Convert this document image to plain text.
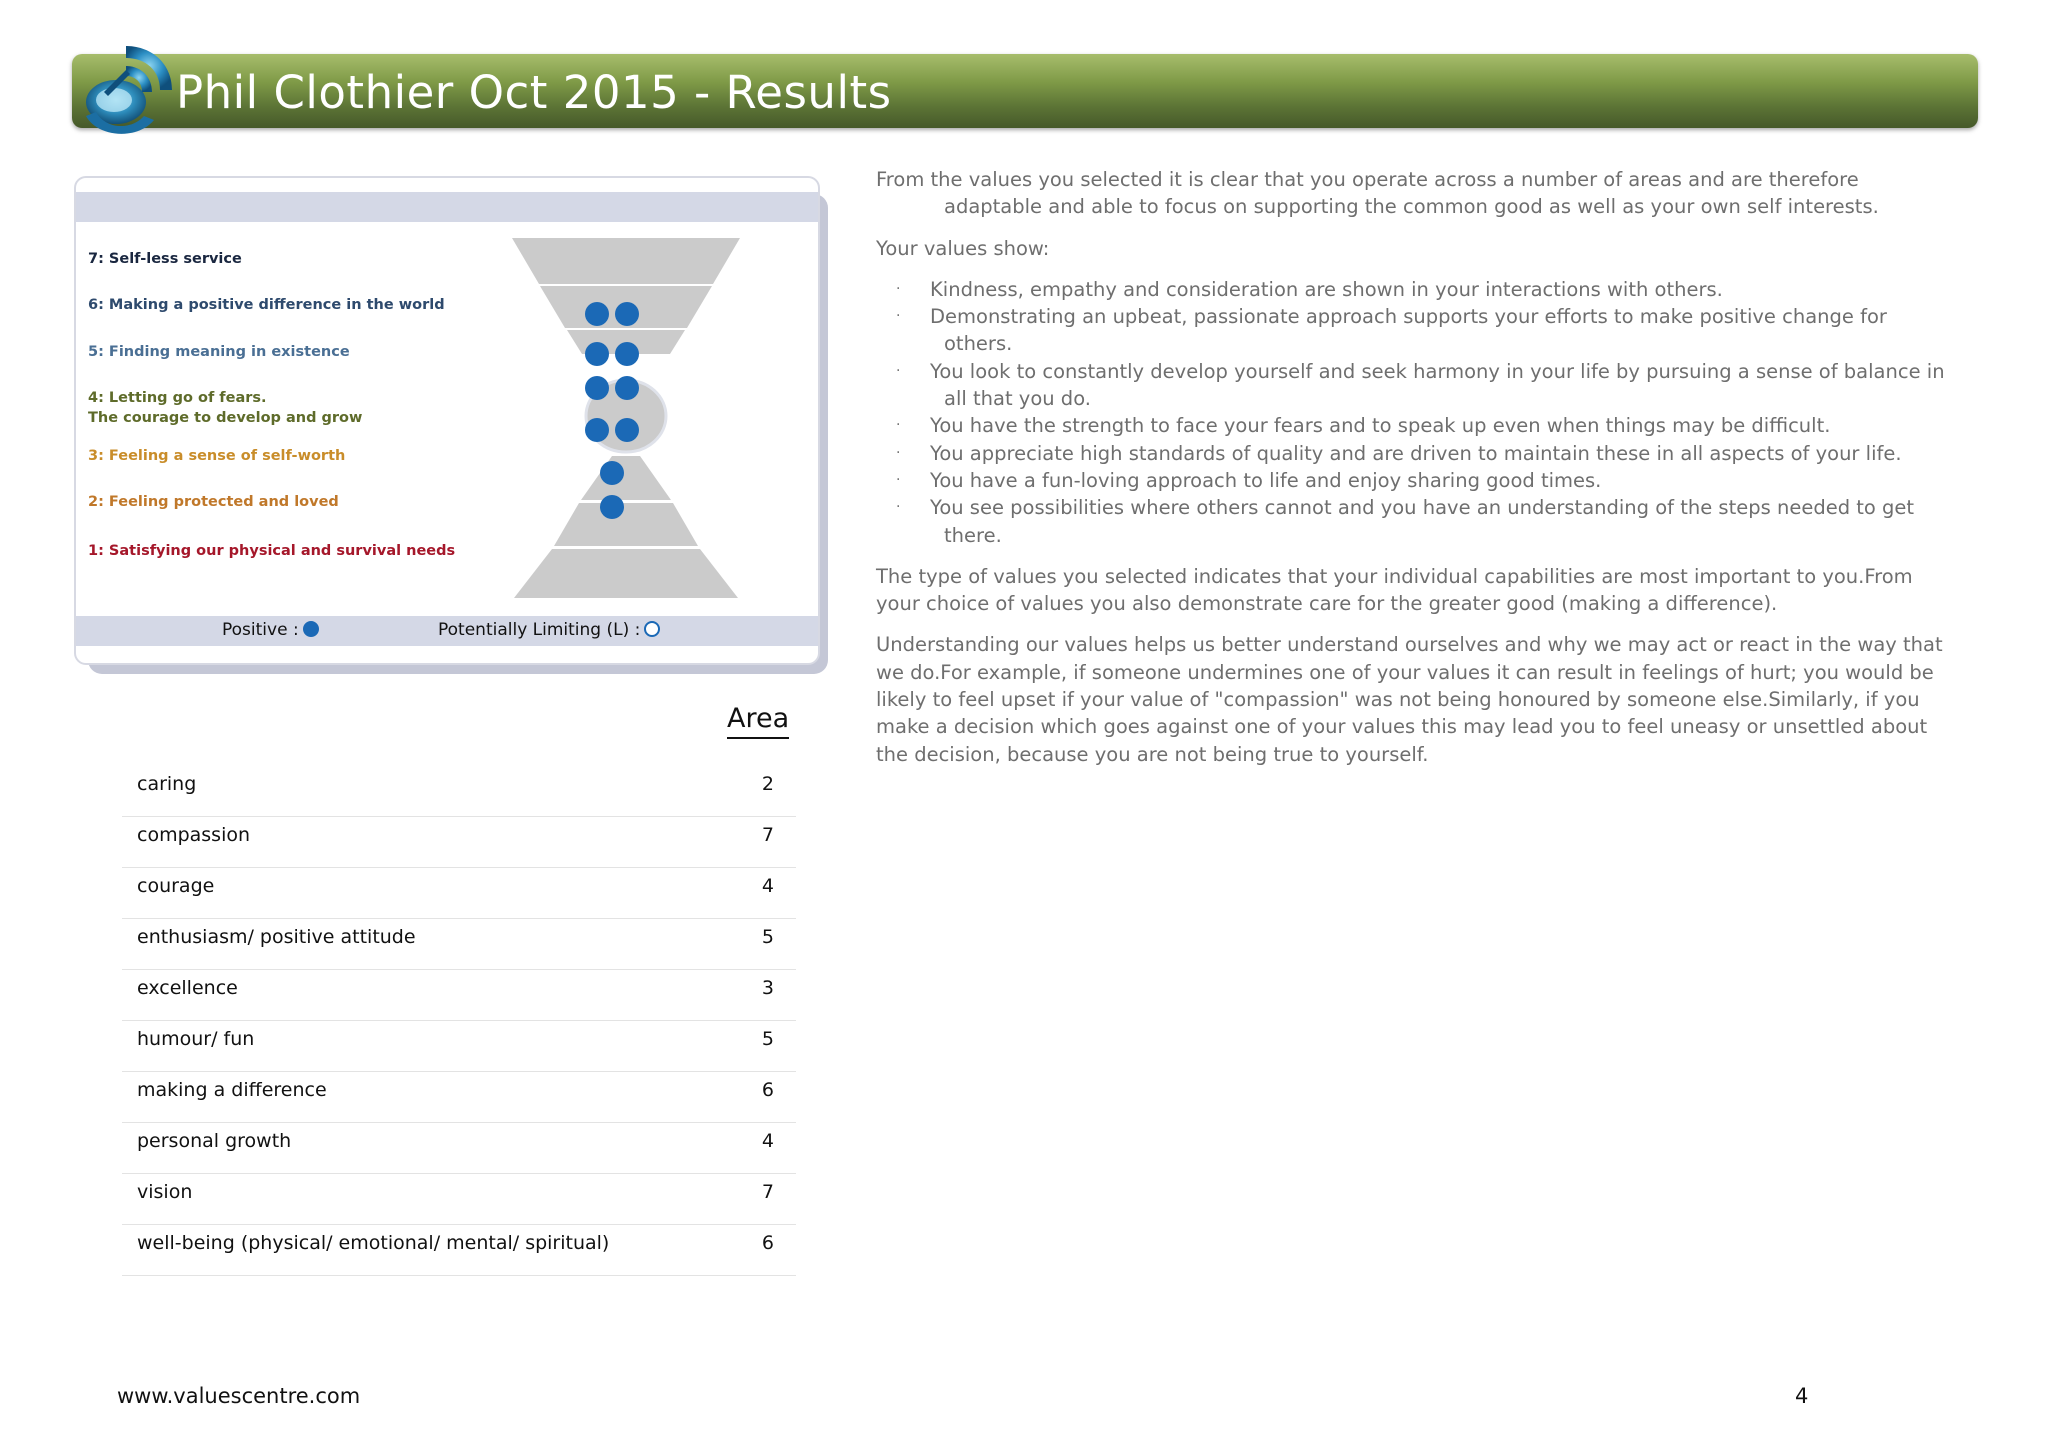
Phil Clothier Oct 2015 - Results
7: Self-less service
6: Making a positive difference in the world
5: Finding meaning in existence
4: Letting go of fears.
The courage to develop and grow
3: Feeling a sense of self-worth
2: Feeling protected and loved
1: Satisfying our physical and survival needs
Positive :	Potentially Limiting (L) :
Area
caring	2
compassion	7
courage	4
enthusiasm/ positive attitude	5
excellence	3
humour/ fun	5
making a difference	6
personal growth	4
vision	7
well-being (physical/ emotional/ mental/ spiritual)	6

From the values you selected it is clear that you operate across a number of areas and are therefore adaptable and able to focus on supporting the common good as well as your own self interests.

Your values show:

· Kindness, empathy and consideration are shown in your interactions with others.
· Demonstrating an upbeat, passionate approach supports your efforts to make positive change for others.
· You look to constantly develop yourself and seek harmony in your life by pursuing a sense of balance in all that you do.
· You have the strength to face your fears and to speak up even when things may be difficult.
· You appreciate high standards of quality and are driven to maintain these in all aspects of your life.
· You have a fun-loving approach to life and enjoy sharing good times.
· You see possibilities where others cannot and you have an understanding of the steps needed to get there.

The type of values you selected indicates that your individual capabilities are most important to you.From your choice of values you also demonstrate care for the greater good (making a difference).

Understanding our values helps us better understand ourselves and why we may act or react in the way that we do.For example, if someone undermines one of your values it can result in feelings of hurt; you would be likely to feel upset if your value of "compassion" was not being honoured by someone else.Similarly, if you make a decision which goes against one of your values this may lead you to feel uneasy or unsettled about the decision, because you are not being true to yourself.

www.valuescentre.com	4
